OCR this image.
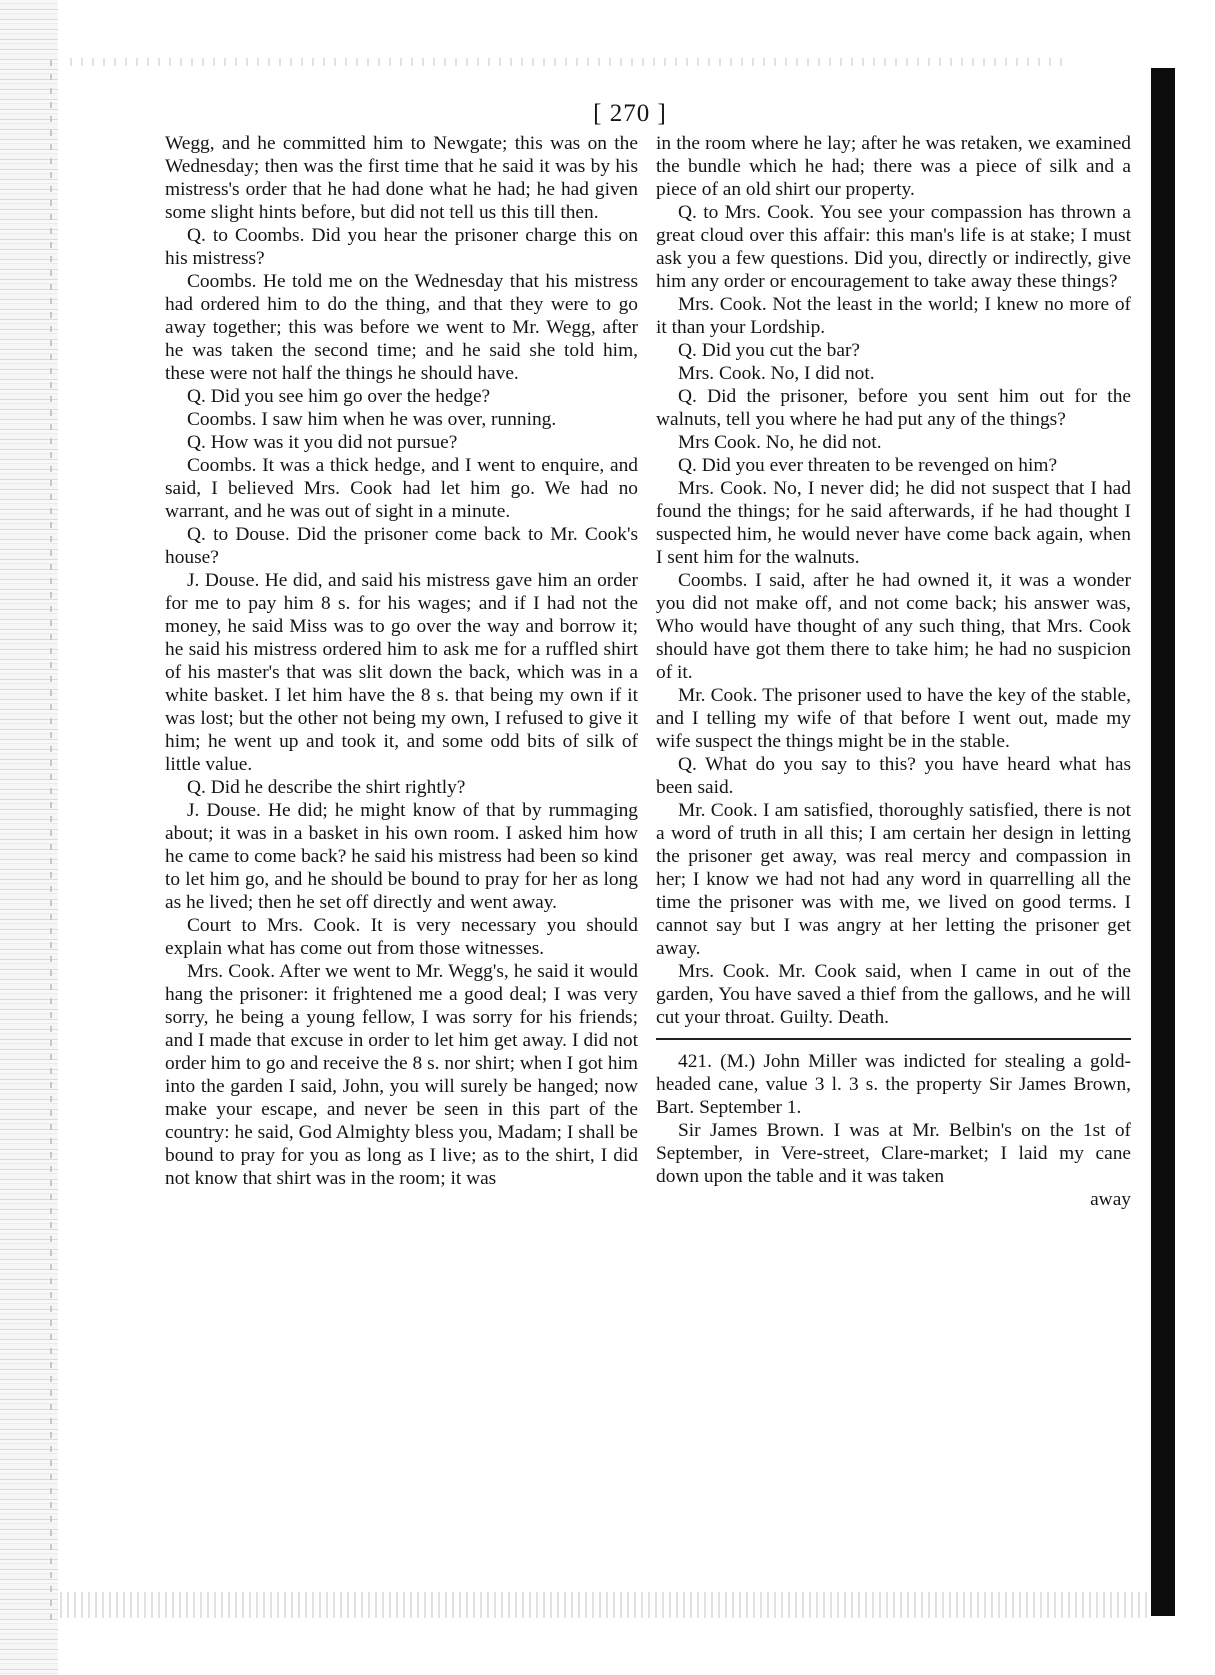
[ 270 ]

Wegg, and he committed him to Newgate; this was on the Wednesday; then was the first time that he said it was by his mistress's order that he had done what he had; he had given some slight hints before, but did not tell us this till then.

Q. to Coombs. Did you hear the prisoner charge this on his mistress?

Coombs. He told me on the Wednesday that his mistress had ordered him to do the thing, and that they were to go away together; this was before we went to Mr. Wegg, after he was taken the second time; and he said she told him, these were not half the things he should have.

Q. Did you see him go over the hedge?

Coombs. I saw him when he was over, running.

Q. How was it you did not pursue?

Coombs. It was a thick hedge, and I went to enquire, and said, I believed Mrs. Cook had let him go. We had no warrant, and he was out of sight in a minute.

Q. to Douse. Did the prisoner come back to Mr. Cook's house?

J. Douse. He did, and said his mistress gave him an order for me to pay him 8 s. for his wages; and if I had not the money, he said Miss was to go over the way and borrow it; he said his mistress ordered him to ask me for a ruffled shirt of his master's that was slit down the back, which was in a white basket. I let him have the 8 s. that being my own if it was lost; but the other not being my own, I refused to give it him; he went up and took it, and some odd bits of silk of little value.

Q. Did he describe the shirt rightly?

J. Douse. He did; he might know of that by rummaging about; it was in a basket in his own room. I asked him how he came to come back? he said his mistress had been so kind to let him go, and he should be bound to pray for her as long as he lived; then he set off directly and went away.

Court to Mrs. Cook. It is very necessary you should explain what has come out from those witnesses.

Mrs. Cook. After we went to Mr. Wegg's, he said it would hang the prisoner: it frightened me a good deal; I was very sorry, he being a young fellow, I was sorry for his friends; and I made that excuse in order to let him get away. I did not order him to go and receive the 8 s. nor shirt; when I got him into the garden I said, John, you will surely be hanged; now make your escape, and never be seen in this part of the country: he said, God Almighty bless you, Madam; I shall be bound to pray for you as long as I live; as to the shirt, I did not know that shirt was in the room; it was

in the room where he lay; after he was retaken, we examined the bundle which he had; there was a piece of silk and a piece of an old shirt our property.

Q. to Mrs. Cook. You see your compassion has thrown a great cloud over this affair: this man's life is at stake; I must ask you a few questions. Did you, directly or indirectly, give him any order or encouragement to take away these things?

Mrs. Cook. Not the least in the world; I knew no more of it than your Lordship.

Q. Did you cut the bar?

Mrs. Cook. No, I did not.

Q. Did the prisoner, before you sent him out for the walnuts, tell you where he had put any of the things?

Mrs Cook. No, he did not.

Q. Did you ever threaten to be revenged on him?

Mrs. Cook. No, I never did; he did not suspect that I had found the things; for he said afterwards, if he had thought I suspected him, he would never have come back again, when I sent him for the walnuts.

Coombs. I said, after he had owned it, it was a wonder you did not make off, and not come back; his answer was, Who would have thought of any such thing, that Mrs. Cook should have got them there to take him; he had no suspicion of it.

Mr. Cook. The prisoner used to have the key of the stable, and I telling my wife of that before I went out, made my wife suspect the things might be in the stable.

Q. What do you say to this? you have heard what has been said.

Mr. Cook. I am satisfied, thoroughly satisfied, there is not a word of truth in all this; I am certain her design in letting the prisoner get away, was real mercy and compassion in her; I know we had not had any word in quarrelling all the time the prisoner was with me, we lived on good terms. I cannot say but I was angry at her letting the prisoner get away.

Mrs. Cook. Mr. Cook said, when I came in out of the garden, You have saved a thief from the gallows, and he will cut your throat. Guilty. Death.

421. (M.) John Miller was indicted for stealing a gold-headed cane, value 3 l. 3 s. the property Sir James Brown, Bart. September 1.

Sir James Brown. I was at Mr. Belbin's on the 1st of September, in Vere-street, Clare-market; I laid my cane down upon the table and it was taken

away
